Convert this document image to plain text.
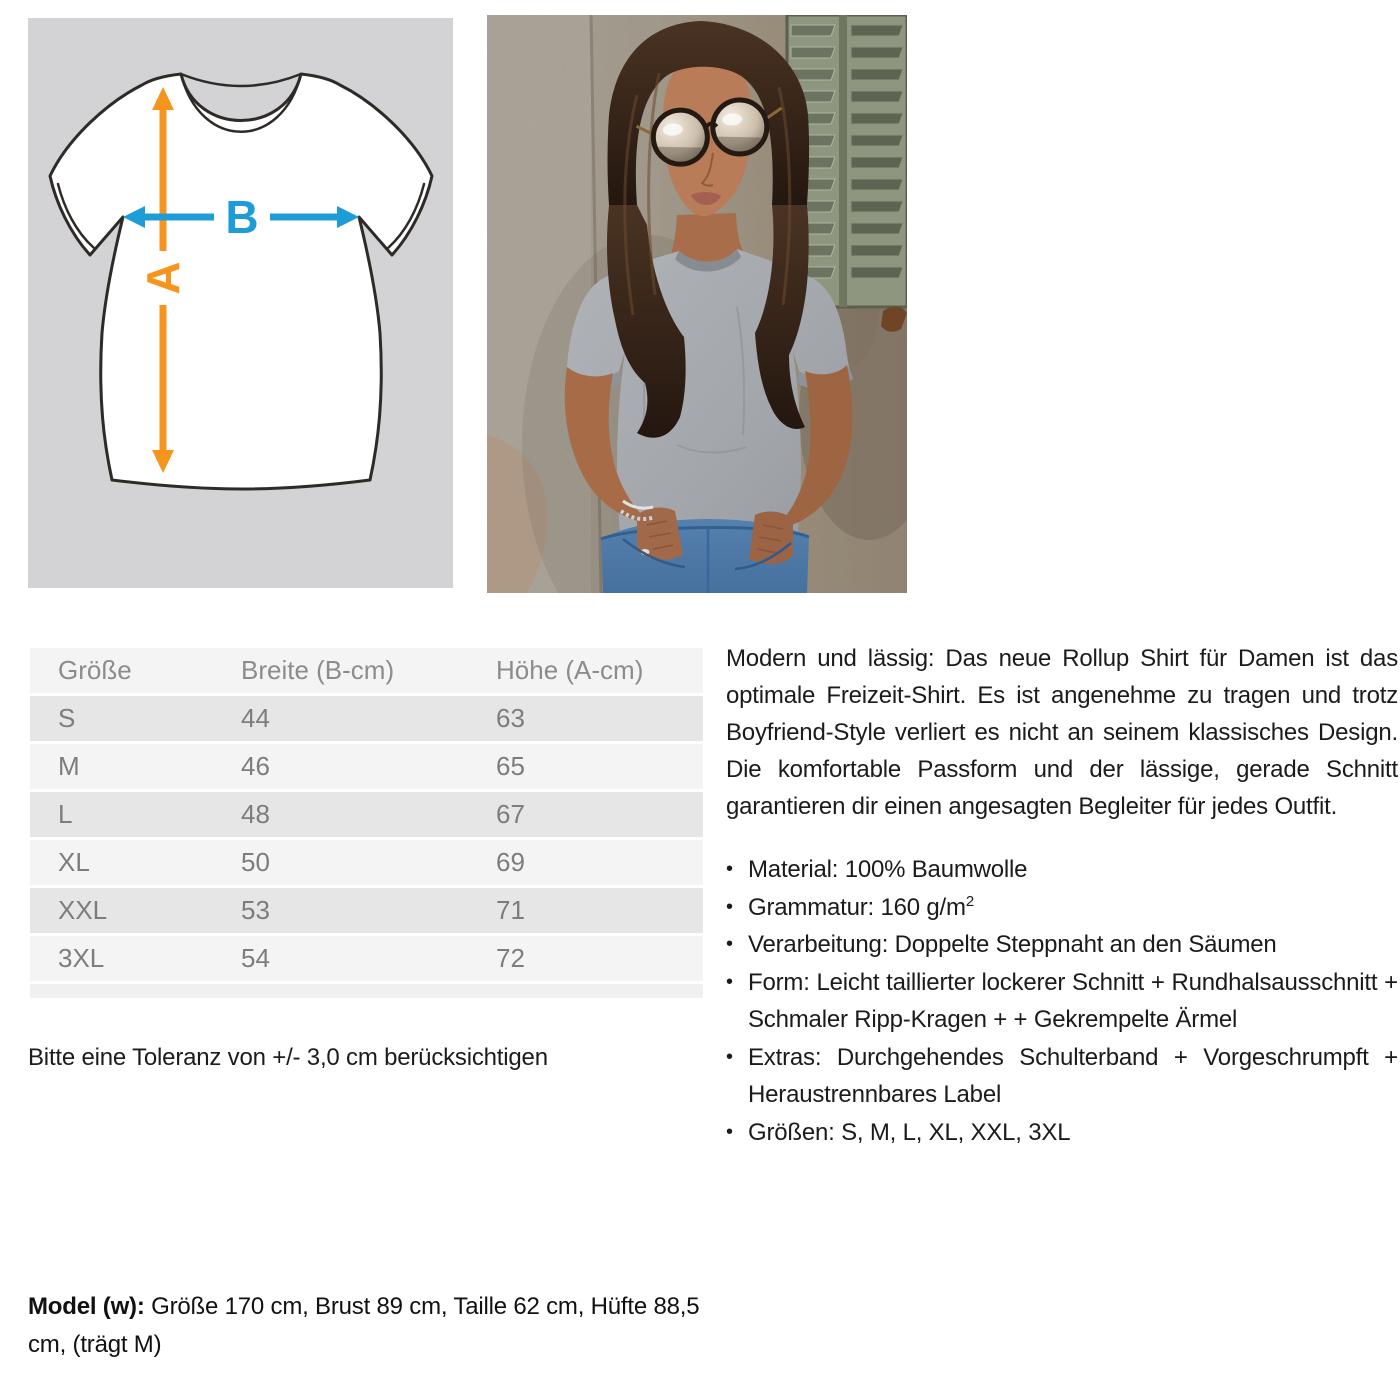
A
B
Größe	Breite (B-cm)	Höhe (A-cm)
S	44	63
M	46	65
L	48	67
XL	50	69
XXL	53	71
3XL	54	72
Bitte eine Toleranz von +/- 3,0 cm berücksichtigen
Modern und lässig: Das neue Rollup Shirt für Damen ist das optimale Freizeit-Shirt. Es ist angenehme zu tragen und trotz Boyfriend-Style verliert es nicht an seinem klassisches Design. Die komfortable Passform und der lässige, gerade Schnitt garantieren dir einen angesagten Begleiter für jedes Outfit.
• Material: 100% Baumwolle
• Grammatur: 160 $g/m^2$
• Verarbeitung: Doppelte Steppnaht an den Säumen
• Form: Leicht taillierter lockerer Schnitt + Rundhalsausschnitt + Schmaler Ripp-Kragen + + Gekrempelte Ärmel
• Extras: Durchgehendes Schulterband + Vorgeschrumpft + Heraustrennbares Label
• Größen: S, M, L, XL, XXL, 3XL
Model (w): Größe 170 cm, Brust 89 cm, Taille 62 cm, Hüfte 88,5 cm, (trägt M)
